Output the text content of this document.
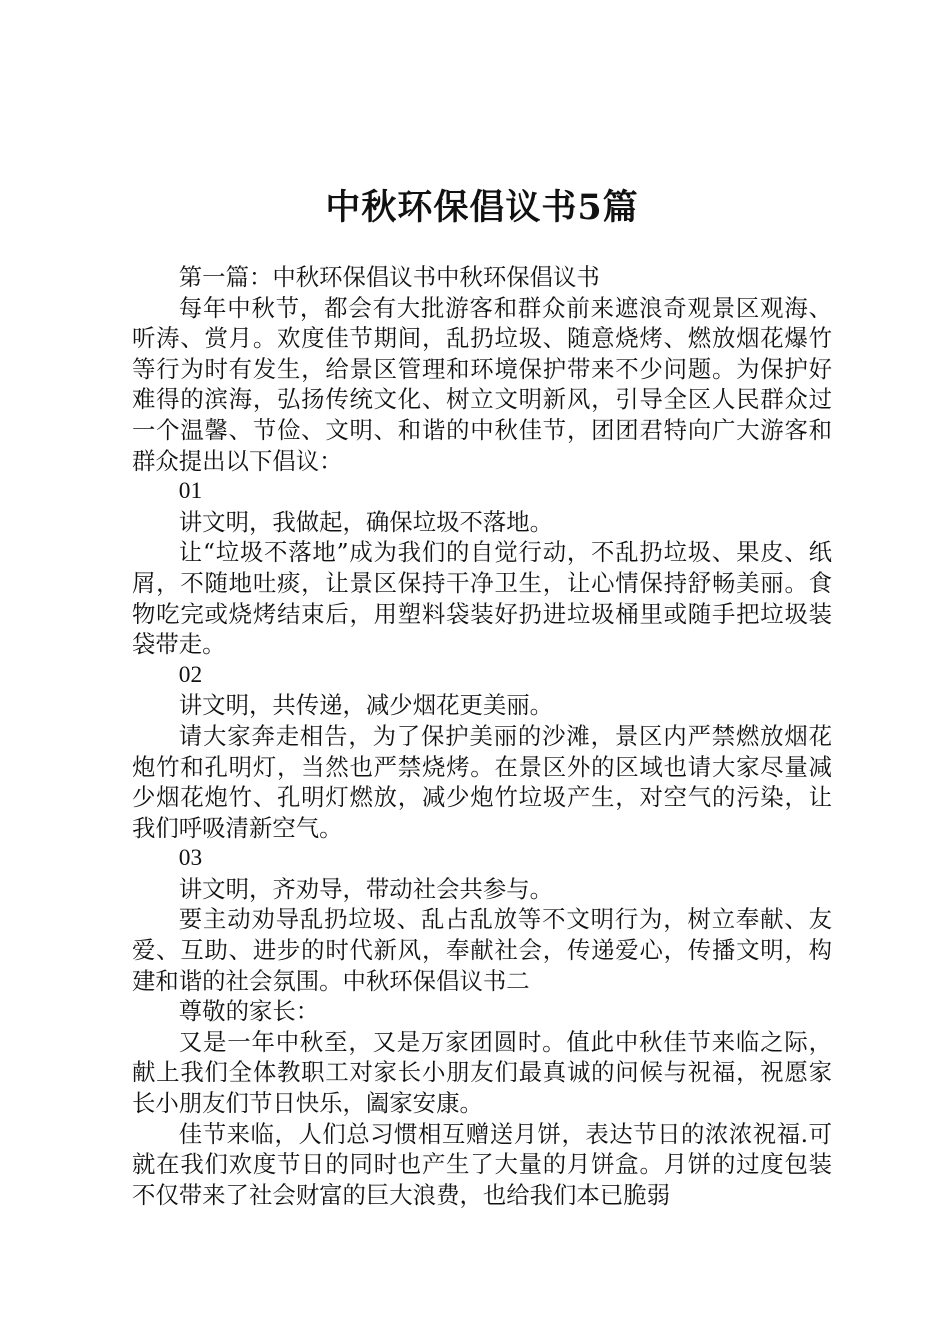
中秋环保倡议书5篇

第一篇：中秋环保倡议书中秋环保倡议书

每年中秋节，都会有大批游客和群众前来遮浪奇观景区观海、听涛、赏月。欢度佳节期间，乱扔垃圾、随意烧烤、燃放烟花爆竹等行为时有发生，给景区管理和环境保护带来不少问题。为保护好难得的滨海，弘扬传统文化、树立文明新风，引导全区人民群众过一个温馨、节俭、文明、和谐的中秋佳节，团团君特向广大游客和群众提出以下倡议：

01

讲文明，我做起，确保垃圾不落地。

让“垃圾不落地”成为我们的自觉行动，不乱扔垃圾、果皮、纸屑，不随地吐痰，让景区保持干净卫生，让心情保持舒畅美丽。食物吃完或烧烤结束后，用塑料袋装好扔进垃圾桶里或随手把垃圾装袋带走。

02

讲文明，共传递，减少烟花更美丽。

请大家奔走相告，为了保护美丽的沙滩，景区内严禁燃放烟花炮竹和孔明灯，当然也严禁烧烤。在景区外的区域也请大家尽量减少烟花炮竹、孔明灯燃放，减少炮竹垃圾产生，对空气的污染，让我们呼吸清新空气。

03

讲文明，齐劝导，带动社会共参与。

要主动劝导乱扔垃圾、乱占乱放等不文明行为，树立奉献、友爱、互助、进步的时代新风，奉献社会，传递爱心，传播文明，构建和谐的社会氛围。中秋环保倡议书二

尊敬的家长：

又是一年中秋至，又是万家团圆时。值此中秋佳节来临之际，献上我们全体教职工对家长小朋友们最真诚的问候与祝福，祝愿家长小朋友们节日快乐，阖家安康。

佳节来临，人们总习惯相互赠送月饼，表达节日的浓浓祝福.可就在我们欢度节日的同时也产生了大量的月饼盒。月饼的过度包装不仅带来了社会财富的巨大浪费，也给我们本已脆弱
